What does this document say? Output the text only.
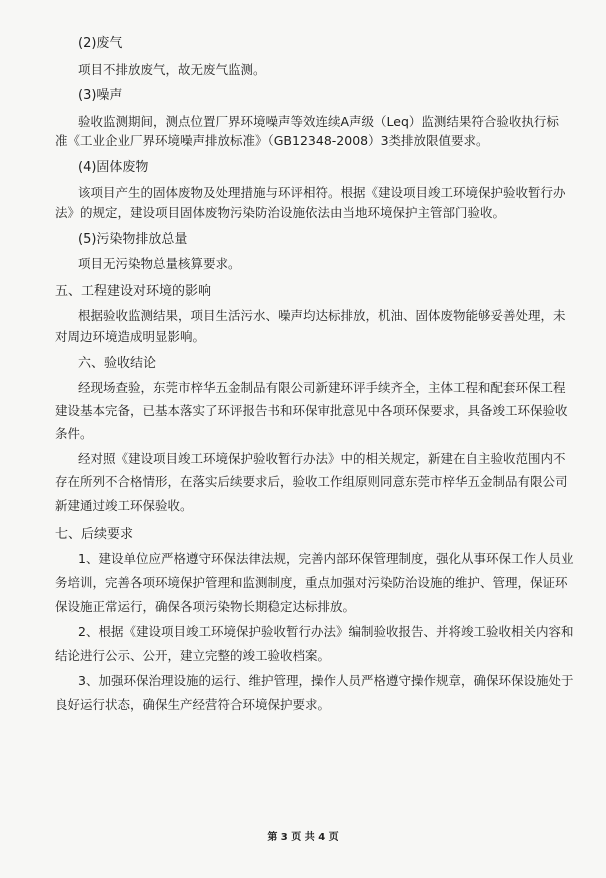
(2)废气

项目不排放废气，故无废气监测。

(3)噪声

验收监测期间，测点位置厂界环境噪声等效连续A声级（Leq）监测结果符合验收执行标

准《工业企业厂界环境噪声排放标准》（GB12348-2008）3类排放限值要求。

(4)固体废物

该项目产生的固体废物及处理措施与环评相符。根据《建设项目竣工环境保护验收暂行办

法》的规定，建设项目固体废物污染防治设施依法由当地环境保护主管部门验收。

(5)污染物排放总量

项目无污染物总量核算要求。

五、工程建设对环境的影响

根据验收监测结果，项目生活污水、噪声均达标排放，机油、固体废物能够妥善处理，未

对周边环境造成明显影响。

六、验收结论

经现场查验，东莞市梓华五金制品有限公司新建环评手续齐全，主体工程和配套环保工程

建设基本完备，已基本落实了环评报告书和环保审批意见中各项环保要求，具备竣工环保验收

条件。

经对照《建设项目竣工环境保护验收暂行办法》中的相关规定，新建在自主验收范围内不

存在所列不合格情形，在落实后续要求后，验收工作组原则同意东莞市梓华五金制品有限公司

新建通过竣工环保验收。

七、后续要求

1、建设单位应严格遵守环保法律法规，完善内部环保管理制度，强化从事环保工作人员业

务培训，完善各项环境保护管理和监测制度，重点加强对污染防治设施的维护、管理，保证环

保设施正常运行，确保各项污染物长期稳定达标排放。

2、根据《建设项目竣工环境保护验收暂行办法》编制验收报告、并将竣工验收相关内容和

结论进行公示、公开，建立完整的竣工验收档案。

3、加强环保治理设施的运行、维护管理，操作人员严格遵守操作规章，确保环保设施处于

良好运行状态，确保生产经营符合环境保护要求。

第 3 页 共 4 页
